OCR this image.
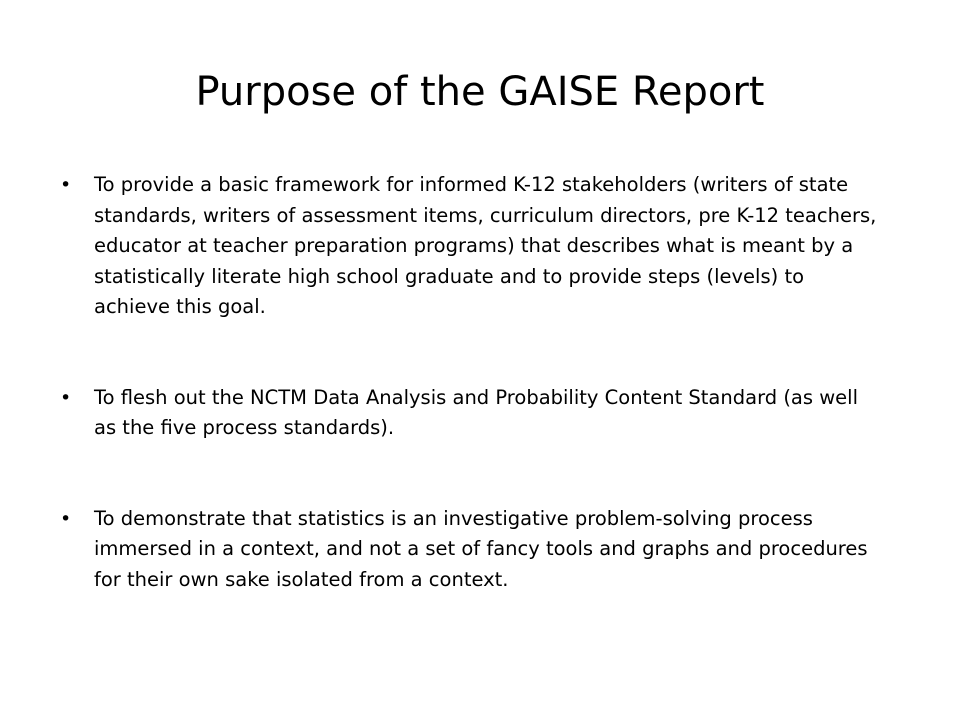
Purpose of the GAISE Report
•	To provide a basic framework for informed K-12 stakeholders (writers of state standards, writers of assessment items, curriculum directors, pre K-12 teachers, educator at teacher preparation programs) that describes what is meant by a statistically literate high school graduate and to provide steps (levels) to achieve this goal.
•	To flesh out the NCTM Data Analysis and Probability Content Standard (as well as the five process standards).
•	To demonstrate that statistics is an investigative problem-solving process immersed in a context, and not a set of fancy tools and graphs and procedures for their own sake isolated from a context.
